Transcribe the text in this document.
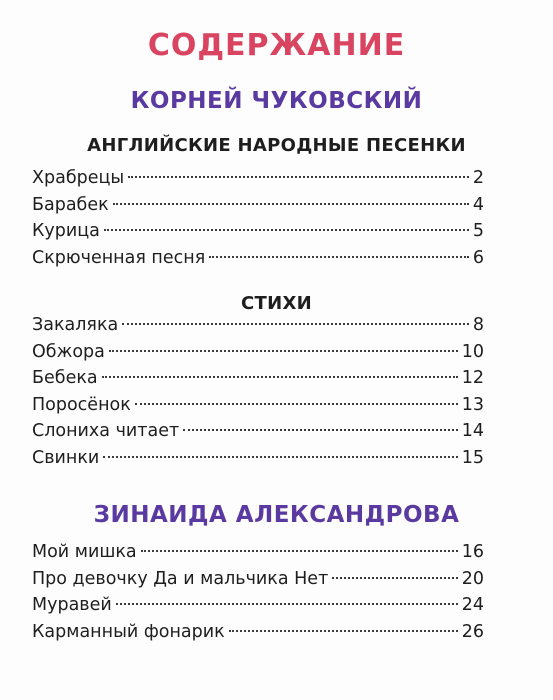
СОДЕРЖАНИЕ
КОРНЕЙ ЧУКОВСКИЙ
АНГЛИЙСКИЕ НАРОДНЫЕ ПЕСЕНКИ
Храбрецы	2
Барабек	4
Курица	5
Скрюченная песня	6
СТИХИ
Закаляка	8
Обжора	10
Бебека	12
Поросёнок	13
Слониха читает	14
Свинки	15
ЗИНАИДА АЛЕКСАНДРОВА
Мой мишка	16
Про девочку Да и мальчика Нет	20
Муравей	24
Карманный фонарик	26
